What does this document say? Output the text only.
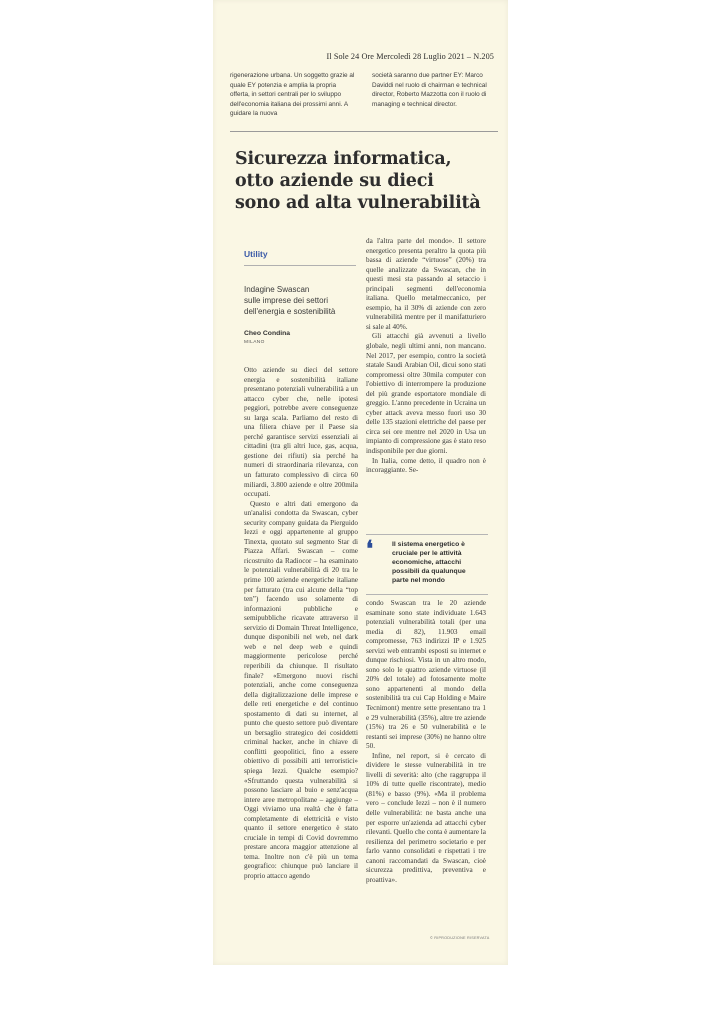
Il Sole 24 Ore Mercoledì 28 Luglio 2021 – N.205

rigenerazione urbana. Un soggetto grazie al quale EY potenzia e amplia la propria offerta, in settori centrali per lo sviluppo dell'economia italiana dei prossimi anni. A guidare la nuova

società saranno due partner EY: Marco Daviddi nel ruolo di chairman e technical director, Roberto Mazzotta con il ruolo di managing e technical director.

Sicurezza informatica,
otto aziende su dieci
sono ad alta vulnerabilità
Utility
Indagine Swascan
sulle imprese dei settori
dell'energia e sostenibilità
Cheo Condina
MILANO

Otto aziende su dieci del settore energia e sostenibilità italiane presentano potenziali vulnerabilità a un attacco cyber che, nelle ipotesi peggiori, potrebbe avere conseguenze su larga scala. Parliamo del resto di una filiera chiave per il Paese sia perché garantisce servizi essenziali ai cittadini (tra gli altri luce, gas, acqua, gestione dei rifiuti) sia perché ha numeri di straordinaria rilevanza, con un fatturato complessivo di circa 60 miliardi, 3.800 aziende e oltre 200mila occupati.

Questo e altri dati emergono da un'analisi condotta da Swascan, cyber security company guidata da Pierguido Iezzi e oggi appartenente al gruppo Tinexta, quotato sul segmento Star di Piazza Affari. Swascan – come ricostruito da Radiocor – ha esaminato le potenziali vulnerabilità di 20 tra le prime 100 aziende energetiche italiane per fatturato (tra cui alcune della “top ten”) facendo uso solamente di informazioni pubbliche e semipubbliche ricavate attraverso il servizio di Domain Threat Intelligence, dunque disponibili nel web, nel dark web e nel deep web e quindi maggiormente pericolose perché reperibili da chiunque. Il risultato finale? «Emergono nuovi rischi potenziali, anche come conseguenza della digitalizzazione delle imprese e delle reti energetiche e del continuo spostamento di dati su internet, al punto che questo settore può diventare un bersaglio strategico dei cosiddetti criminal hacker, anche in chiave di conflitti geopolitici, fino a essere obiettivo di possibili atti terroristici» spiega Iezzi. Qualche esempio? «Sfruttando questa vulnerabilità si possono lasciare al buio e senz'acqua intere aree metropolitane – aggiunge – Oggi viviamo una realtà che è fatta completamente di elettricità e visto quanto il settore energetico è stato cruciale in tempi di Covid dovremmo prestare ancora maggior attenzione al tema. Inoltre non c'è più un tema geografico: chiunque può lanciare il proprio attacco agendo

da l'altra parte del mondo». Il settore energetico presenta peraltro la quota più bassa di aziende “virtuose” (20%) tra quelle analizzate da Swascan, che in questi mesi sta passando al setaccio i principali segmenti dell'economia italiana. Quello metalmeccanico, per esempio, ha il 30% di aziende con zero vulnerabilità mentre per il manifatturiero si sale al 40%.

Gli attacchi già avvenuti a livello globale, negli ultimi anni, non mancano. Nel 2017, per esempio, contro la società statale Saudi Arabian Oil, dicui sono stati compromessi oltre 30mila computer con l'obiettivo di interrompere la produzione del più grande esportatore mondiale di greggio. L'anno precedente in Ucraina un cyber attack aveva messo fuori uso 30 delle 135 stazioni elettriche del paese per circa sei ore mentre nel 2020 in Usa un impianto di compressione gas è stato reso indisponibile per due giorni.

In Italia, come detto, il quadro non è incoraggiante. Se-

❛	Il sistema energetico è
cruciale per le attività
economiche, attacchi
possibili da qualunque
parte nel mondo

condo Swascan tra le 20 aziende esaminate sono state individuate 1.643 potenziali vulnerabilità totali (per una media di 82), 11.903 email compromesse, 763 indirizzi IP e 1.925 servizi web entrambi esposti su internet e dunque rischiosi. Vista in un altro modo, sono solo le quattro aziende virtuose (il 20% del totale) ad fotosamente molte sono appartenenti al mondo della sostenibilità tra cui Cap Holding e Maire Tecnimont) mentre sette presentano tra 1 e 29 vulnerabilità (35%), altre tre aziende (15%) tra 26 e 50 vulnerabilità e le restanti sei imprese (30%) ne hanno oltre 50.

Infine, nel report, si è cercato di dividere le stesse vulnerabilità in tre livelli di severità: alto (che raggruppa il 10% di tutte quelle riscontrate), medio (81%) e basso (9%). «Ma il problema vero – conclude Iezzi – non è il numero delle vulnerabilità: ne basta anche una per esporre un'azienda ad attacchi cyber rilevanti. Quello che conta è aumentare la resilienza del perimetro societario e per farlo vanno consolidati e rispettati i tre canoni raccomandati da Swascan, cioè sicurezza predittiva, preventiva e proattiva».

© RIPRODUZIONE RISERVATA
